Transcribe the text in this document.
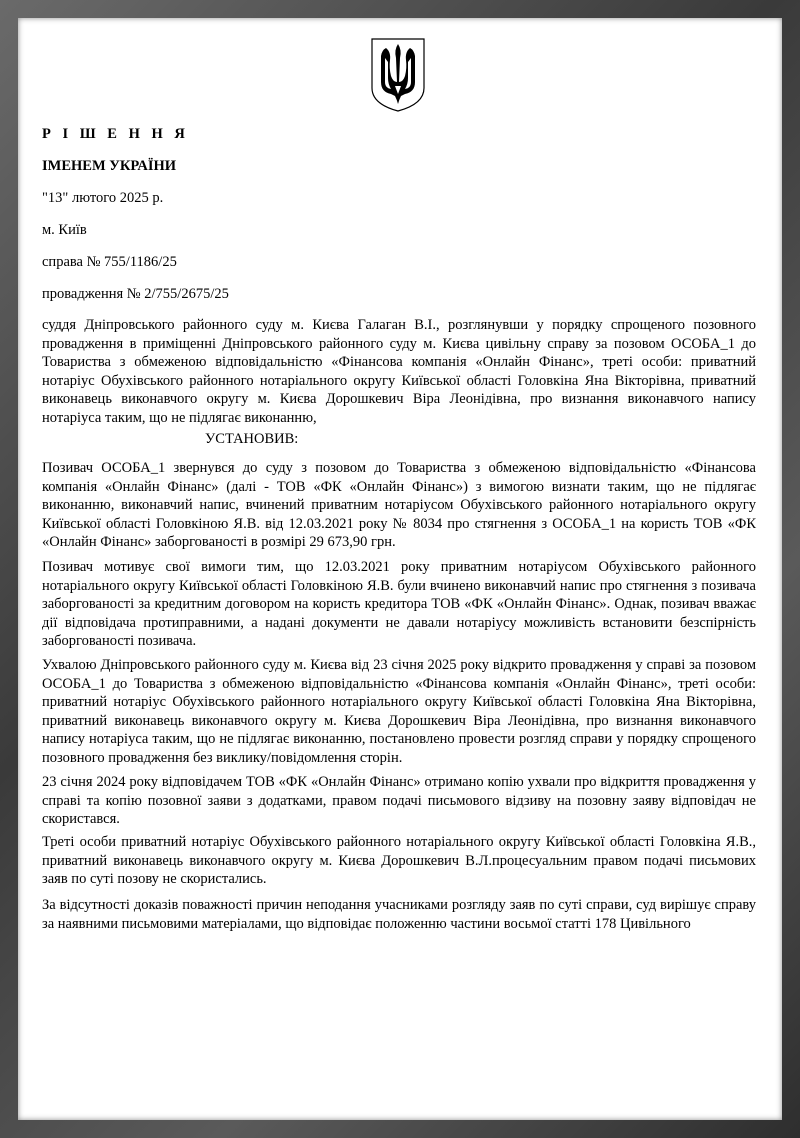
Р І Ш Е Н Н Я
ІМЕНЕМ УКРАЇНИ
"13" лютого 2025 р.
м. Київ
справа № 755/1186/25
провадження № 2/755/2675/25

суддя Дніпровського районного суду м. Києва Галаган В.І., розглянувши у порядку спрощеного позовного провадження в приміщенні Дніпровського районного суду м. Києва цивільну справу за позовом ОСОБА_1 до Товариства з обмеженою відповідальністю «Фінансова компанія «Онлайн Фінанс», треті особи: приватний нотаріус Обухівського районного нотаріального округу Київської області Головкіна Яна Вікторівна, приватний виконавець виконавчого округу м. Києва Дорошкевич Віра Леонідівна, про визнання виконавчого напису нотаріуса таким, що не підлягає виконанню,

УСТАНОВИВ:

Позивач ОСОБА_1 звернувся до суду з позовом до Товариства з обмеженою відповідальністю «Фінансова компанія «Онлайн Фінанс» (далі - ТОВ «ФК «Онлайн Фінанс») з вимогою визнати таким, що не підлягає виконанню, виконавчий напис, вчинений приватним нотаріусом Обухівського районного нотаріального округу Київської області Головкіною Я.В. від 12.03.2021 року № 8034 про стягнення з ОСОБА_1 на користь ТОВ «ФК «Онлайн Фінанс» заборгованості в розмірі 29 673,90 грн.

Позивач мотивує свої вимоги тим, що 12.03.2021 року приватним нотаріусом Обухівського районного нотаріального округу Київської області Головкіною Я.В. були вчинено виконавчий напис про стягнення з позивача заборгованості за кредитним договором на користь кредитора ТОВ «ФК «Онлайн Фінанс». Однак, позивач вважає дії відповідача протиправними, а надані документи не давали нотаріусу можливість встановити безспірність заборгованості позивача.

Ухвалою Дніпровського районного суду м. Києва від 23 січня 2025 року відкрито провадження у справі за позовом ОСОБА_1 до Товариства з обмеженою відповідальністю «Фінансова компанія «Онлайн Фінанс», треті особи: приватний нотаріус Обухівського районного нотаріального округу Київської області Головкіна Яна Вікторівна, приватний виконавець виконавчого округу м. Києва Дорошкевич Віра Леонідівна, про визнання виконавчого напису нотаріуса таким, що не підлягає виконанню, постановлено провести розгляд справи у порядку спрощеного позовного провадження без виклику/повідомлення сторін.

23 січня 2024 року відповідачем ТОВ «ФК «Онлайн Фінанс» отримано копію ухвали про відкриття провадження у справі та копію позовної заяви з додатками, правом подачі письмового відзиву на позовну заяву відповідач не скористався.

Треті особи приватний нотаріус Обухівського районного нотаріального округу Київської області Головкіна Я.В., приватний виконавець виконавчого округу м. Києва Дорошкевич В.Л.процесуальним правом подачі письмових заяв по суті позову не скористались.

За відсутності доказів поважності причин неподання учасниками розгляду заяв по суті справи, суд вирішує справу за наявними письмовими матеріалами, що відповідає положенню частини восьмої статті 178 Цивільного
